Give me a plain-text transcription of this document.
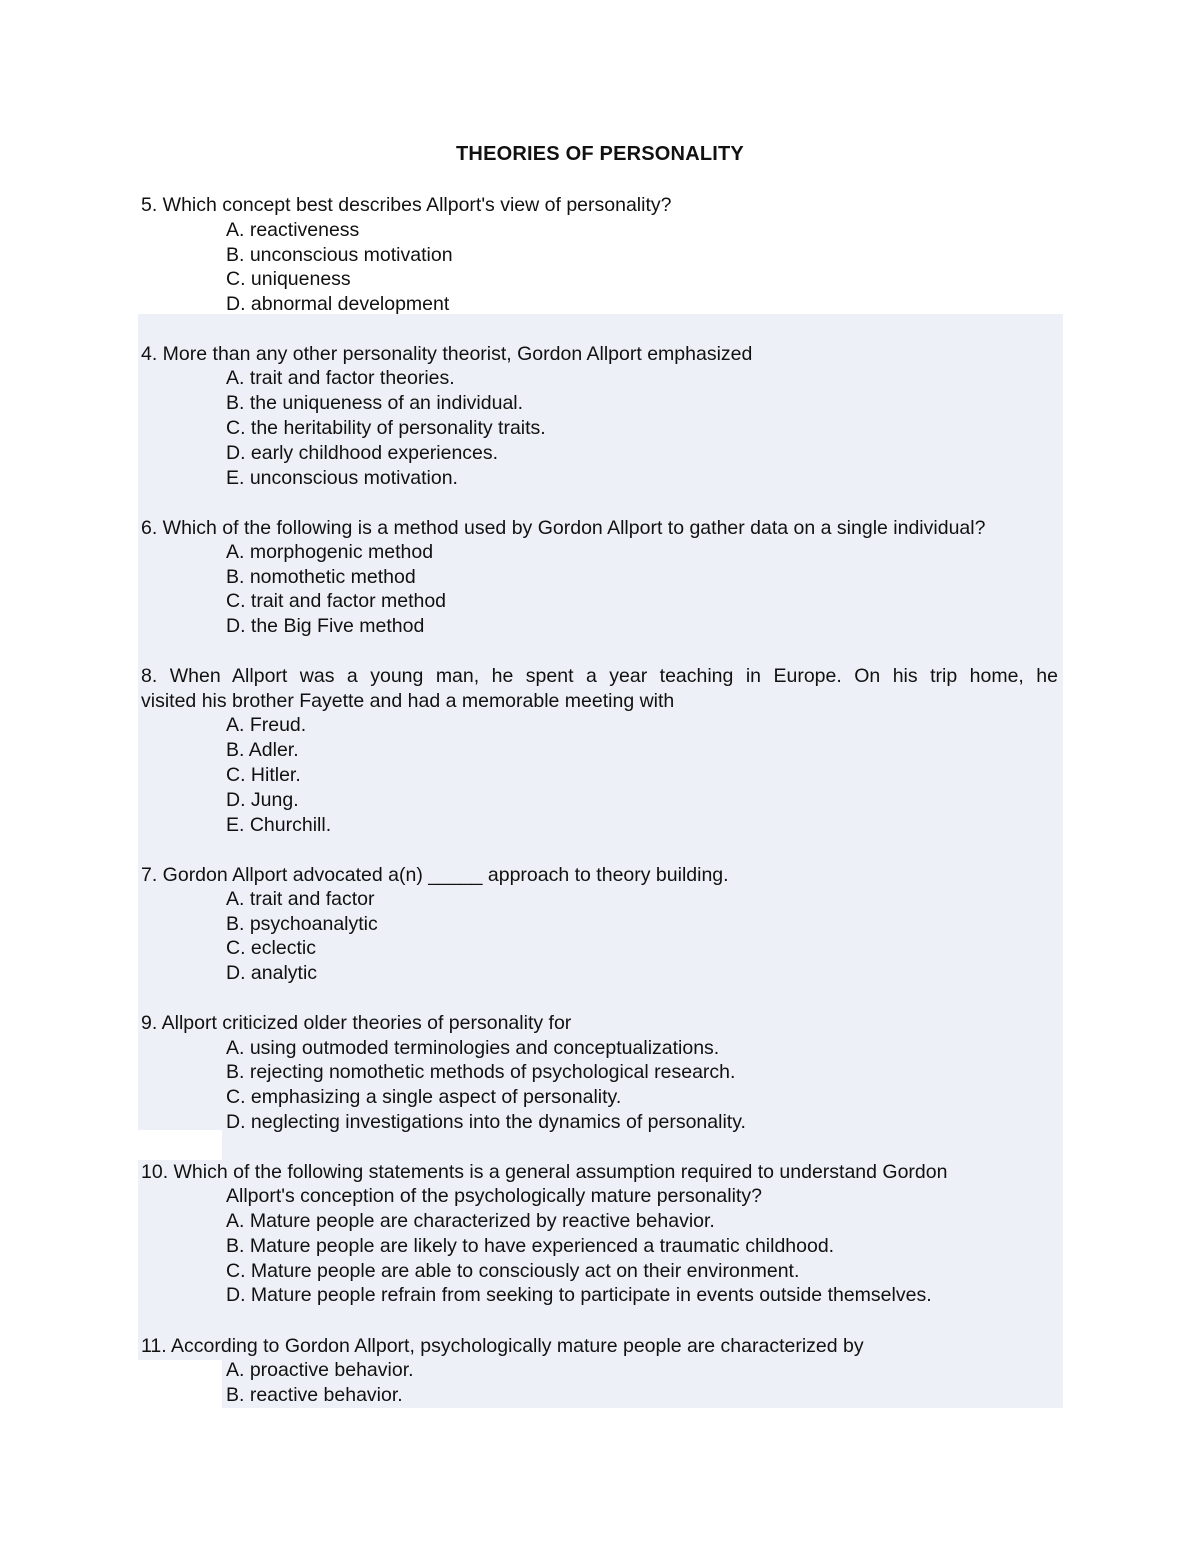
THEORIES OF PERSONALITY
5. Which concept best describes Allport's view of personality?
A. reactiveness
B. unconscious motivation
C. uniqueness
D. abnormal development
4. More than any other personality theorist, Gordon Allport emphasized
A. trait and factor theories.
B. the uniqueness of an individual.
C. the heritability of personality traits.
D. early childhood experiences.
E. unconscious motivation.
6. Which of the following is a method used by Gordon Allport to gather data on a single individual?
A. morphogenic method
B. nomothetic method
C. trait and factor method
D. the Big Five method
8. When Allport was a young man, he spent a year teaching in Europe. On his trip home, he
visited his brother Fayette and had a memorable meeting with
A. Freud.
B. Adler.
C. Hitler.
D. Jung.
E. Churchill.
7. Gordon Allport advocated a(n) _____ approach to theory building.
A. trait and factor
B. psychoanalytic
C. eclectic
D. analytic
9. Allport criticized older theories of personality for
A. using outmoded terminologies and conceptualizations.
B. rejecting nomothetic methods of psychological research.
C. emphasizing a single aspect of personality.
D. neglecting investigations into the dynamics of personality.
10. Which of the following statements is a general assumption required to understand Gordon
Allport's conception of the psychologically mature personality?
A. Mature people are characterized by reactive behavior.
B. Mature people are likely to have experienced a traumatic childhood.
C. Mature people are able to consciously act on their environment.
D. Mature people refrain from seeking to participate in events outside themselves.
11. According to Gordon Allport, psychologically mature people are characterized by
A. proactive behavior.
B. reactive behavior.
